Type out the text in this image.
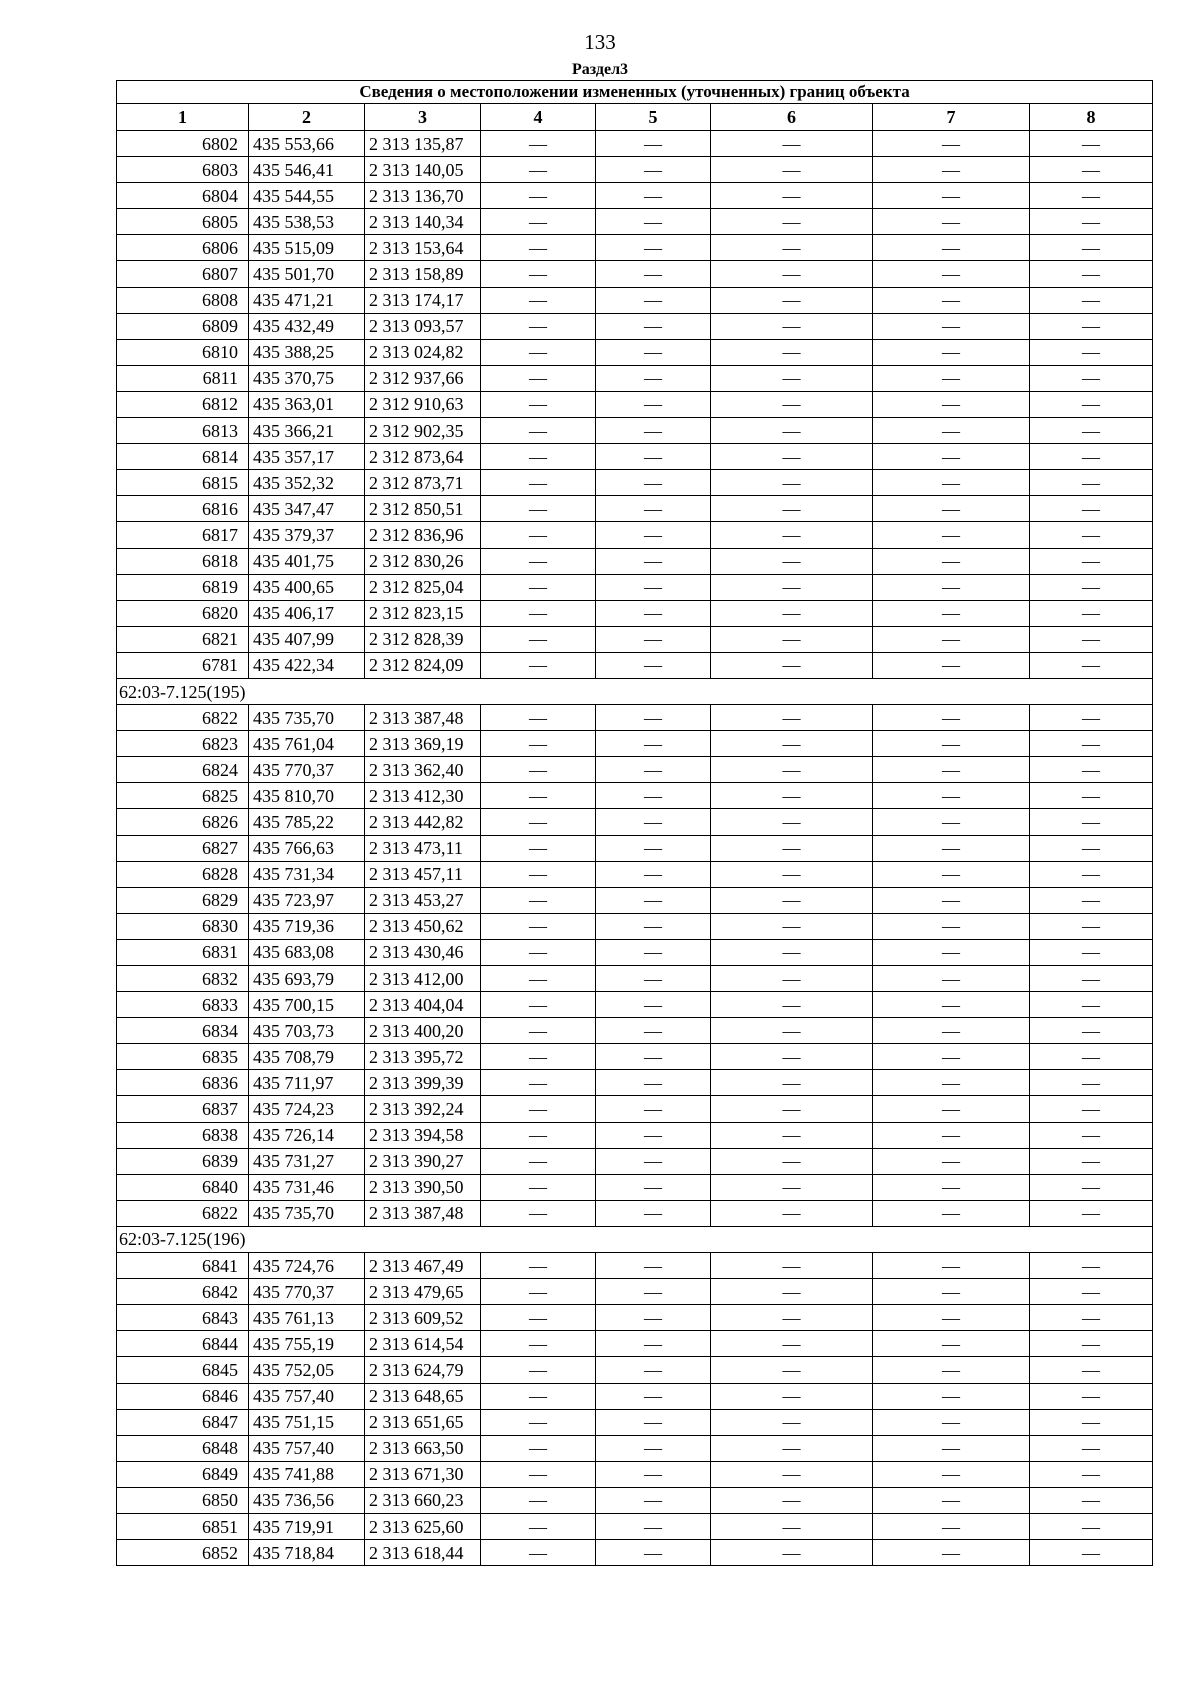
133
Раздел3
Сведения о местоположении измененных (уточненных) границ объекта							
1	2	3	4	5	6	7	8
6802	435 553,66	2 313 135,87	—	—	—	—	—
6803	435 546,41	2 313 140,05	—	—	—	—	—
6804	435 544,55	2 313 136,70	—	—	—	—	—
6805	435 538,53	2 313 140,34	—	—	—	—	—
6806	435 515,09	2 313 153,64	—	—	—	—	—
6807	435 501,70	2 313 158,89	—	—	—	—	—
6808	435 471,21	2 313 174,17	—	—	—	—	—
6809	435 432,49	2 313 093,57	—	—	—	—	—
6810	435 388,25	2 313 024,82	—	—	—	—	—
6811	435 370,75	2 312 937,66	—	—	—	—	—
6812	435 363,01	2 312 910,63	—	—	—	—	—
6813	435 366,21	2 312 902,35	—	—	—	—	—
6814	435 357,17	2 312 873,64	—	—	—	—	—
6815	435 352,32	2 312 873,71	—	—	—	—	—
6816	435 347,47	2 312 850,51	—	—	—	—	—
6817	435 379,37	2 312 836,96	—	—	—	—	—
6818	435 401,75	2 312 830,26	—	—	—	—	—
6819	435 400,65	2 312 825,04	—	—	—	—	—
6820	435 406,17	2 312 823,15	—	—	—	—	—
6821	435 407,99	2 312 828,39	—	—	—	—	—
6781	435 422,34	2 312 824,09	—	—	—	—	—
62:03-7.125(195)							
6822	435 735,70	2 313 387,48	—	—	—	—	—
6823	435 761,04	2 313 369,19	—	—	—	—	—
6824	435 770,37	2 313 362,40	—	—	—	—	—
6825	435 810,70	2 313 412,30	—	—	—	—	—
6826	435 785,22	2 313 442,82	—	—	—	—	—
6827	435 766,63	2 313 473,11	—	—	—	—	—
6828	435 731,34	2 313 457,11	—	—	—	—	—
6829	435 723,97	2 313 453,27	—	—	—	—	—
6830	435 719,36	2 313 450,62	—	—	—	—	—
6831	435 683,08	2 313 430,46	—	—	—	—	—
6832	435 693,79	2 313 412,00	—	—	—	—	—
6833	435 700,15	2 313 404,04	—	—	—	—	—
6834	435 703,73	2 313 400,20	—	—	—	—	—
6835	435 708,79	2 313 395,72	—	—	—	—	—
6836	435 711,97	2 313 399,39	—	—	—	—	—
6837	435 724,23	2 313 392,24	—	—	—	—	—
6838	435 726,14	2 313 394,58	—	—	—	—	—
6839	435 731,27	2 313 390,27	—	—	—	—	—
6840	435 731,46	2 313 390,50	—	—	—	—	—
6822	435 735,70	2 313 387,48	—	—	—	—	—
62:03-7.125(196)							
6841	435 724,76	2 313 467,49	—	—	—	—	—
6842	435 770,37	2 313 479,65	—	—	—	—	—
6843	435 761,13	2 313 609,52	—	—	—	—	—
6844	435 755,19	2 313 614,54	—	—	—	—	—
6845	435 752,05	2 313 624,79	—	—	—	—	—
6846	435 757,40	2 313 648,65	—	—	—	—	—
6847	435 751,15	2 313 651,65	—	—	—	—	—
6848	435 757,40	2 313 663,50	—	—	—	—	—
6849	435 741,88	2 313 671,30	—	—	—	—	—
6850	435 736,56	2 313 660,23	—	—	—	—	—
6851	435 719,91	2 313 625,60	—	—	—	—	—
6852	435 718,84	2 313 618,44	—	—	—	—	—
